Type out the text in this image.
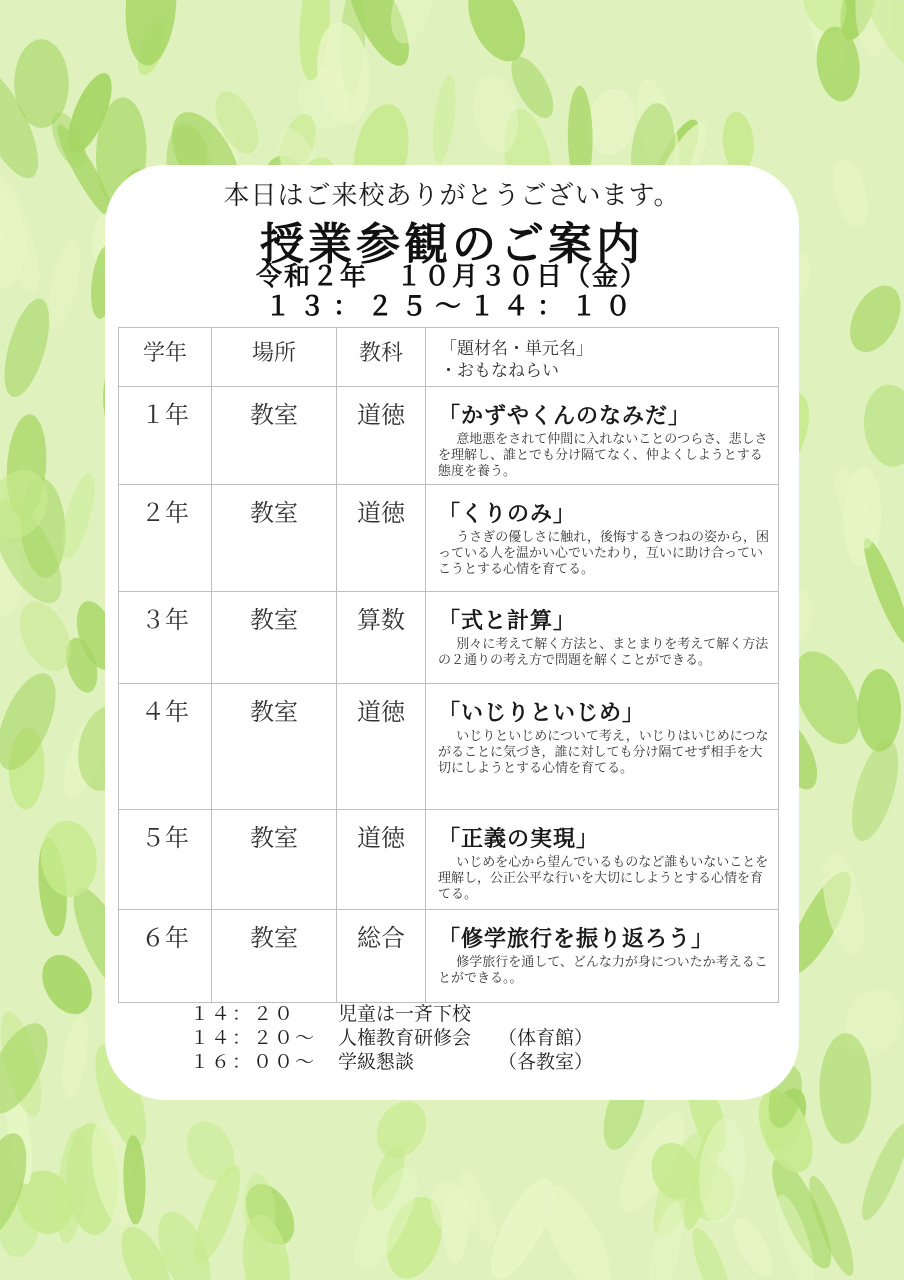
本日はご来校ありがとうございます。
授業参観のご案内
令和２年　１０月３０日（金）
１３：２５～１４：１０
学年	場所	教科	「題材名・単元名」
・おもなねらい

１年	教室	道徳	「かずやくんのなみだ」
意地悪をされて仲間に入れないことのつらさ、悲しさを理解し、誰とでも分け隔てなく、仲よくしようとする態度を養う。

２年	教室	道徳	「くりのみ」
うさぎの優しさに触れ，後悔するきつねの姿から，困っている人を温かい心でいたわり，互いに助け合っていこうとする心情を育てる。

３年	教室	算数	「式と計算」
別々に考えて解く方法と、まとまりを考えて解く方法の２通りの考え方で問題を解くことができる。

４年	教室	道徳	「いじりといじめ」
いじりといじめについて考え，いじりはいじめにつながることに気づき，誰に対しても分け隔てせず相手を大切にしようとする心情を育てる。

５年	教室	道徳	「正義の実現」
いじめを心から望んでいるものなど誰もいないことを理解し，公正公平な行いを大切にしようとする心情を育てる。

６年	教室	総合	「修学旅行を振り返ろう」
修学旅行を通して、どんな力が身についたか考えることができる。。
１４：２０	児童は一斉下校
１４：２０～	人権教育研修会	（体育館）
１６：００～	学級懇談	（各教室）
